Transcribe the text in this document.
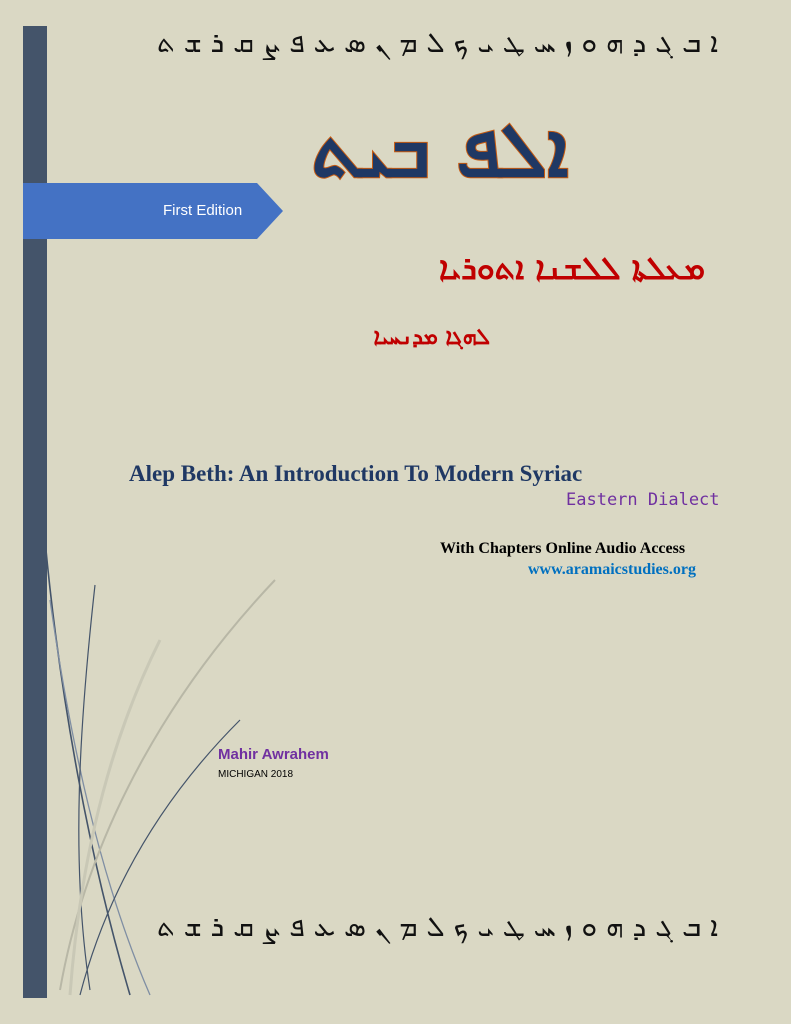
ܐ ܒ ܓ ܕ ܗ ܘ ܙ ܚ ܛ ܝ ܟ ܠ ܡ ܢ ܣ ܥ ܦ ܨ ܩ ܪ ܫ ܬ
First Edition
ܐܠܦ ܒܝܬ
ܡܥܠܬܐ ܠܠܫܢܐ ܐܬܘܪܝܐ
ܠܗܓܐ ܡܕܢܚܝܐ
Alep Beth: An Introduction To Modern Syriac
Eastern Dialect
With Chapters Online Audio Access
www.aramaicstudies.org
Mahir Awrahem
MICHIGAN 2018
ܐ ܒ ܓ ܕ ܗ ܘ ܙ ܚ ܛ ܝ ܟ ܠ ܡ ܢ ܣ ܥ ܦ ܨ ܩ ܪ ܫ ܬ
